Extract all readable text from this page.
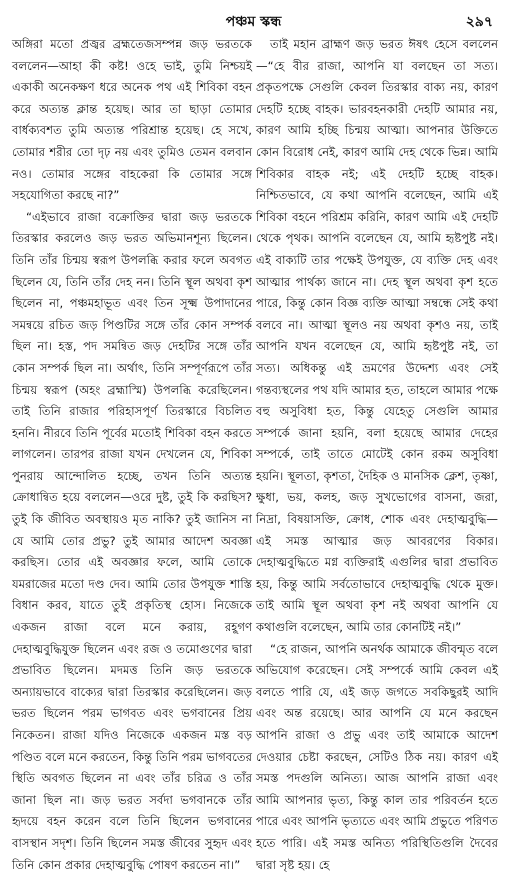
পঞ্চম স্কন্ধ	২৯৭

অঙ্গিরা মতো প্রজ্বর ব্রহ্মতেজসম্পন্ন জড় ভরতকে বললেন—আহা কী কষ্ট! ওহে ভাই, তুমি নিশ্চয়ই একাকী অনেকক্ষণ ধরে অনেক পথ এই শিবিকা বহন করে অত্যন্ত ক্লান্ত হয়েছ। আর তা ছাড়া তোমার বার্ধক্যবশত তুমি অত্যন্ত পরিশ্রান্ত হয়েছ। হে সখে, তোমার শরীর তো দৃঢ় নয় এবং তুমিও তেমন বলবান নও। তোমার সঙ্গের বাহকেরা কি তোমার সঙ্গে সহযোগিতা করছে না?”

“এইভাবে রাজা বক্রোক্তির দ্বারা জড় ভরতকে তিরস্কার করলেও জড় ভরত অভিমানশূন্য ছিলেন। তিনি তাঁর চিন্ময় স্বরূপ উপলব্ধি করার ফলে অবগত ছিলেন যে, তিনি তাঁর দেহ নন। তিনি স্থূল অথবা কৃশ ছিলেন না, পঞ্চমহাভূত এবং তিন সূক্ষ্ম উপাদানের সমন্বয়ে রচিত জড় পিণ্ডটির সঙ্গে তাঁর কোন সম্পর্ক ছিল না। হস্ত, পদ সমন্বিত জড় দেহটির সঙ্গে তাঁর কোন সম্পর্ক ছিল না। অর্থাৎ, তিনি সম্পূর্ণরূপে তাঁর চিন্ময় স্বরূপ (অহং ব্রহ্মাস্মি) উপলব্ধি করেছিলেন। তাই তিনি রাজার পরিহাসপূর্ণ তিরস্কারে বিচলিত হননি। নীরবে তিনি পূর্বের মতোই শিবিকা বহন করতে লাগলেন। তারপর রাজা যখন দেখলেন যে, শিবিকা পুনরায় আন্দোলিত হচ্ছে, তখন তিনি অত্যন্ত ক্রোধান্বিত হয়ে বললেন—ওরে দুষ্ট, তুই কি করছিস? তুই কি জীবিত অবস্থায়ও মৃত নাকি? তুই জানিস না যে আমি তোর প্রভু? তুই আমার আদেশ অবজ্ঞা করছিস। তোর এই অবজ্ঞার ফলে, আমি তোকে যমরাজের মতো দণ্ড দেব। আমি তোর উপযুক্ত শাস্তি বিধান করব, যাতে তুই প্রকৃতিস্থ হোস। নিজেকে একজন রাজা বলে মনে করায়, রহূগণ দেহাত্মবুদ্ধিযুক্ত ছিলেন এবং রজ ও তমোগুণের দ্বারা প্রভাবিত ছিলেন। মদমত্ত তিনি জড় ভরতকে অন্যায়ভাবে বাক্যের দ্বারা তিরস্কার করেছিলেন। জড় ভরত ছিলেন পরম ভাগবত এবং ভগবানের প্রিয় নিকেতন। রাজা যদিও নিজেকে একজন মস্ত বড় পণ্ডিত বলে মনে করতেন, কিন্তু তিনি পরম ভাগবতের স্থিতি অবগত ছিলেন না এবং তাঁর চরিত্র ও তাঁর জানা ছিল না। জড় ভরত সর্বদা ভগবানকে তাঁর হৃদয়ে বহন করেন বলে তিনি ছিলেন ভগবানের বাসস্থান সদৃশ। তিনি ছিলেন সমস্ত জীবের সুহৃদ এবং তিনি কোন প্রকার দেহাত্মবুদ্ধি পোষণ করতেন না।”

তাই মহান ব্রাহ্মণ জড় ভরত ঈষৎ হেসে বললেন—“হে বীর রাজা, আপনি যা বলছেন তা সত্য। প্রকৃতপক্ষে সেগুলি কেবল তিরস্কার বাক্য নয়, কারণ দেহটি হচ্ছে বাহক। ভারবহনকারী দেহটি আমার নয়, কারণ আমি হচ্ছি চিন্ময় আত্মা। আপনার উক্তিতে কোন বিরোধ নেই, কারণ আমি দেহ থেকে ভিন্ন। আমি শিবিকার বাহক নই; এই দেহটি হচ্ছে বাহক। নিশ্চিতভাবে, যে কথা আপনি বলেছেন, আমি এই শিবিকা বহনে পরিশ্রম করিনি, কারণ আমি এই দেহটি থেকে পৃথক। আপনি বলেছেন যে, আমি হৃষ্টপুষ্ট নই। এই বাক্যটি তার পক্ষেই উপযুক্ত, যে ব্যক্তি দেহ এবং আত্মার পার্থক্য জানে না। দেহ স্থূল অথবা কৃশ হতে পারে, কিন্তু কোন বিজ্ঞ ব্যক্তি আত্মা সম্বন্ধে সেই কথা বলবে না। আত্মা স্থূলও নয় অথবা কৃশও নয়, তাই আপনি যখন বলেছেন যে, আমি হৃষ্টপুষ্ট নই, তা সত্য। অধিকন্তু এই ভ্রমণের উদ্দেশ্য এবং সেই গন্তব্যস্থলের পথ যদি আমার হত, তাহলে আমার পক্ষে বহু অসুবিধা হত, কিন্তু যেহেতু সেগুলি আমার সম্পর্কে জানা হয়নি, বলা হয়েছে আমার দেহের সম্পর্কে, তাই তাতে মোটেই কোন রকম অসুবিধা হয়নি। স্থূলতা, কৃশতা, দৈহিক ও মানসিক ক্লেশ, তৃষ্ণা, ক্ষুধা, ভয়, কলহ, জড় সুখভোগের বাসনা, জরা, নিদ্রা, বিষয়াসক্তি, ক্রোধ, শোক এবং দেহাত্মবুদ্ধি—এই সমস্ত আত্মার জড় আবরণের বিকার। দেহাত্মবুদ্ধিতে মগ্ন ব্যক্তিরাই এগুলির দ্বারা প্রভাবিত হয়, কিন্তু আমি সর্বতোভাবে দেহাত্মবুদ্ধি থেকে মুক্ত। তাই আমি স্থূল অথবা কৃশ নই অথবা আপনি যে কথাগুলি বলেছেন, আমি তার কোনটিই নই।”

“হে রাজন, আপনি অনর্থক আমাকে জীবন্মৃত বলে অভিযোগ করেছেন। সেই সম্পর্কে আমি কেবল এই বলতে পারি যে, এই জড় জগতে সবকিছুরই আদি এবং অন্ত রয়েছে। আর আপনি যে মনে করছেন আপনি রাজা ও প্রভু এবং তাই আমাকে আদেশ দেওয়ার চেষ্টা করছেন, সেটিও ঠিক নয়। কারণ এই সমস্ত পদগুলি অনিত্য। আজ আপনি রাজা এবং আমি আপনার ভৃত্য, কিন্তু কাল তার পরিবর্তন হতে পারে এবং আপনি ভৃত্যতে এবং আমি প্রভুতে পরিণত হতে পারি। এই সমস্ত অনিত্য পরিস্থিতিগুলি দৈবের দ্বারা সৃষ্ট হয়। হে
